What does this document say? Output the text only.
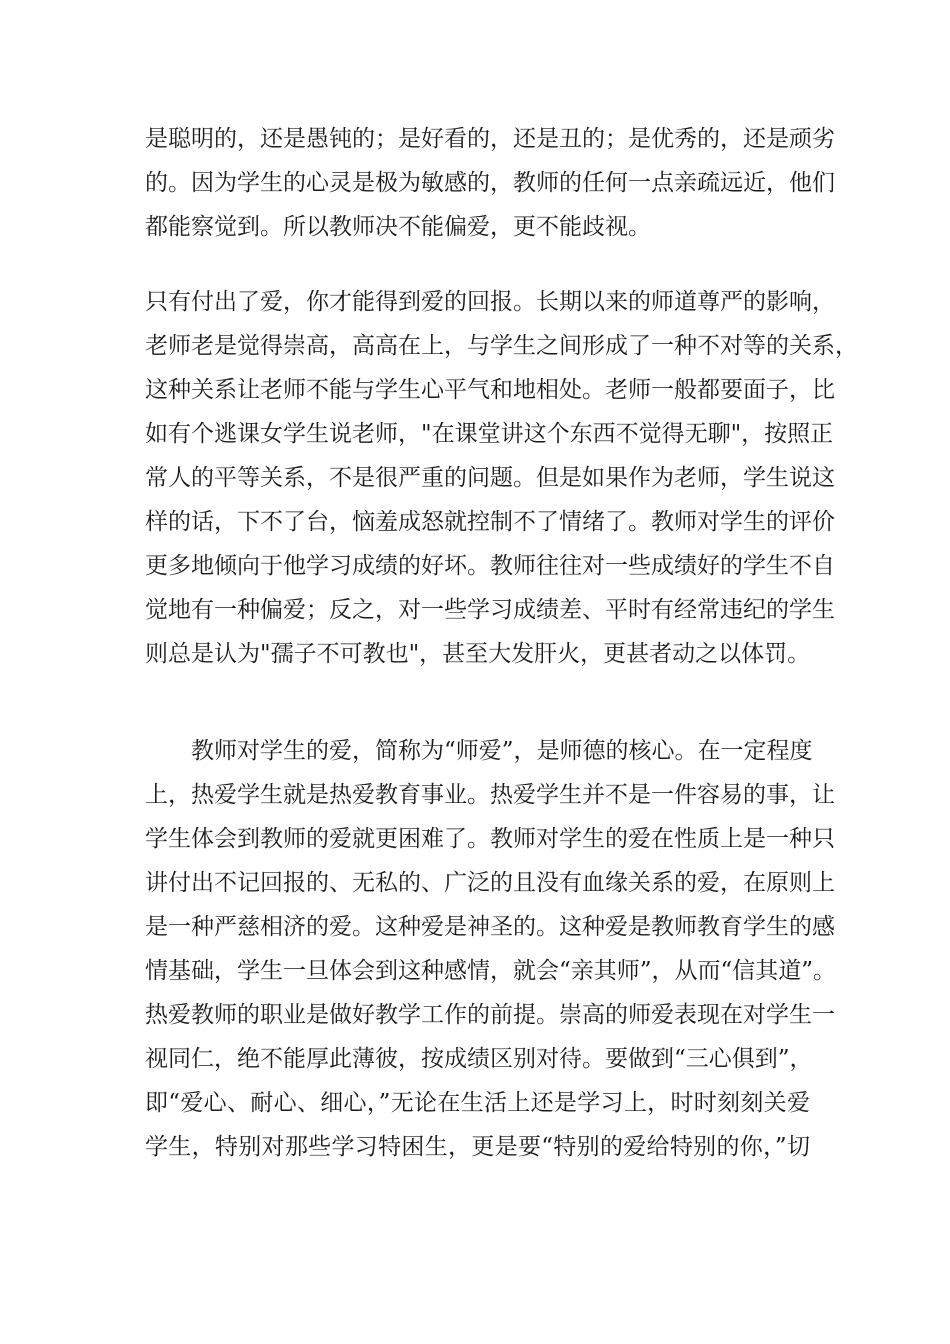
是聪明的，还是愚钝的；是好看的，还是丑的；是优秀的，还是顽劣
的。因为学生的心灵是极为敏感的，教师的任何一点亲疏远近，他们
都能察觉到。所以教师决不能偏爱，更不能歧视。
只有付出了爱，你才能得到爱的回报。长期以来的师道尊严的影响，
老师老是觉得崇高，高高在上，与学生之间形成了一种不对等的关系，
这种关系让老师不能与学生心平气和地相处。老师一般都要面子，比
如有个逃课女学生说老师，"在课堂讲这个东西不觉得无聊"，按照正
常人的平等关系，不是很严重的问题。但是如果作为老师，学生说这
样的话，下不了台，恼羞成怒就控制不了情绪了。教师对学生的评价
更多地倾向于他学习成绩的好坏。教师往往对一些成绩好的学生不自
觉地有一种偏爱；反之，对一些学习成绩差、平时有经常违纪的学生
则总是认为"孺子不可教也"，甚至大发肝火，更甚者动之以体罚。
教师对学生的爱，简称为“师爱”，是师德的核心。在一定程度
上，热爱学生就是热爱教育事业。热爱学生并不是一件容易的事，让
学生体会到教师的爱就更困难了。教师对学生的爱在性质上是一种只
讲付出不记回报的、无私的、广泛的且没有血缘关系的爱，在原则上
是一种严慈相济的爱。这种爱是神圣的。这种爱是教师教育学生的感
情基础，学生一旦体会到这种感情，就会“亲其师”，从而“信其道”。
热爱教师的职业是做好教学工作的前提。崇高的师爱表现在对学生一
视同仁，绝不能厚此薄彼，按成绩区别对待。要做到“三心俱到”，
即“爱心、耐心、细心，”无论在生活上还是学习上，时时刻刻关爱
学生，特别对那些学习特困生，更是要“特别的爱给特别的你，”切
